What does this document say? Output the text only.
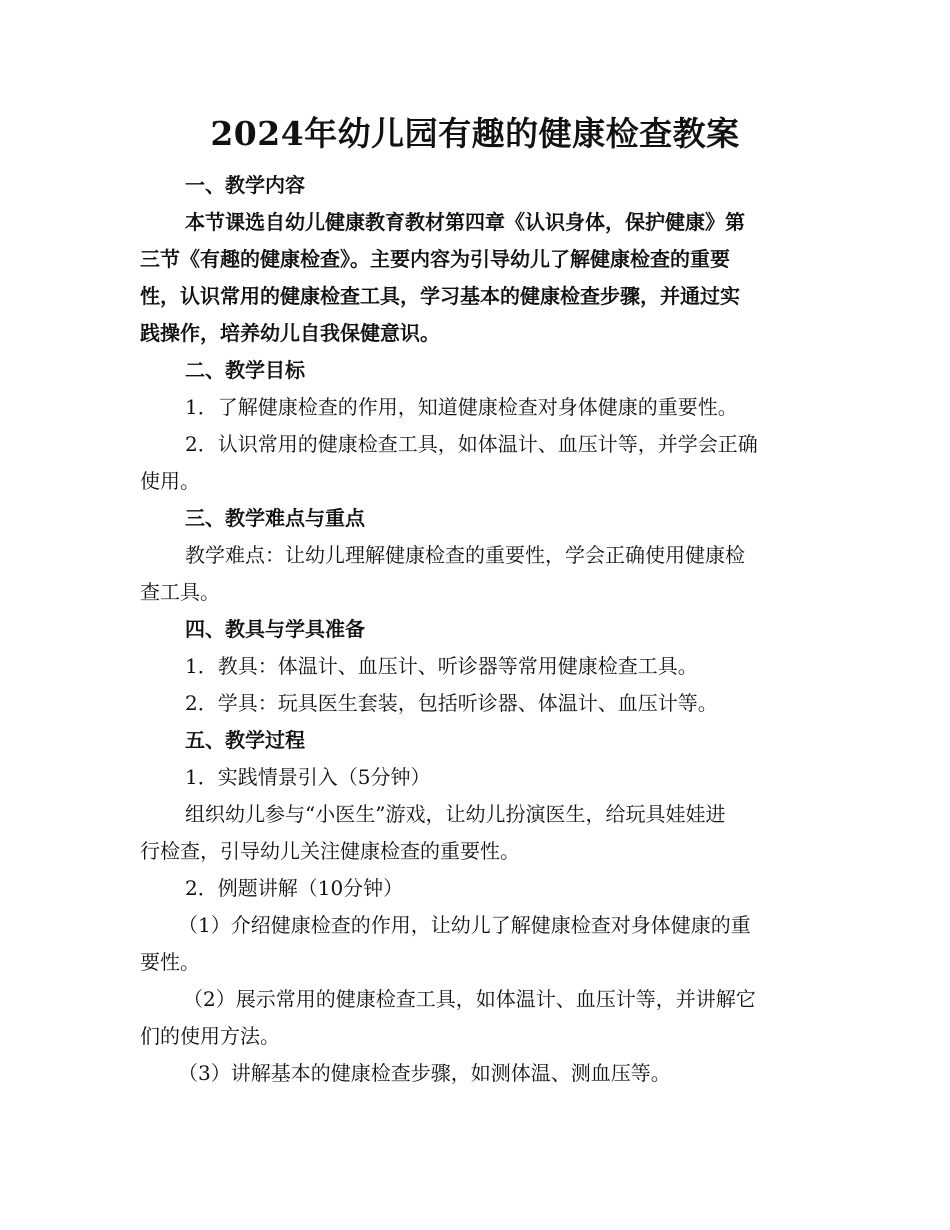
2024年幼儿园有趣的健康检查教案
一、教学内容
本节课选自幼儿健康教育教材第四章《认识身体，保护健康》第
三节《有趣的健康检查》。主要内容为引导幼儿了解健康检查的重要
性，认识常用的健康检查工具，学习基本的健康检查步骤，并通过实
践操作，培养幼儿自我保健意识。
二、教学目标
1．了解健康检查的作用，知道健康检查对身体健康的重要性。
2．认识常用的健康检查工具，如体温计、血压计等，并学会正确
使用。
三、教学难点与重点
教学难点：让幼儿理解健康检查的重要性，学会正确使用健康检
查工具。
四、教具与学具准备
1．教具：体温计、血压计、听诊器等常用健康检查工具。
2．学具：玩具医生套装，包括听诊器、体温计、血压计等。
五、教学过程
1．实践情景引入（5分钟）
组织幼儿参与“小医生”游戏，让幼儿扮演医生，给玩具娃娃进
行检查，引导幼儿关注健康检查的重要性。
2．例题讲解（10分钟）
（1）介绍健康检查的作用，让幼儿了解健康检查对身体健康的重
要性。
（2）展示常用的健康检查工具，如体温计、血压计等，并讲解它
们的使用方法。
（3）讲解基本的健康检查步骤，如测体温、测血压等。
